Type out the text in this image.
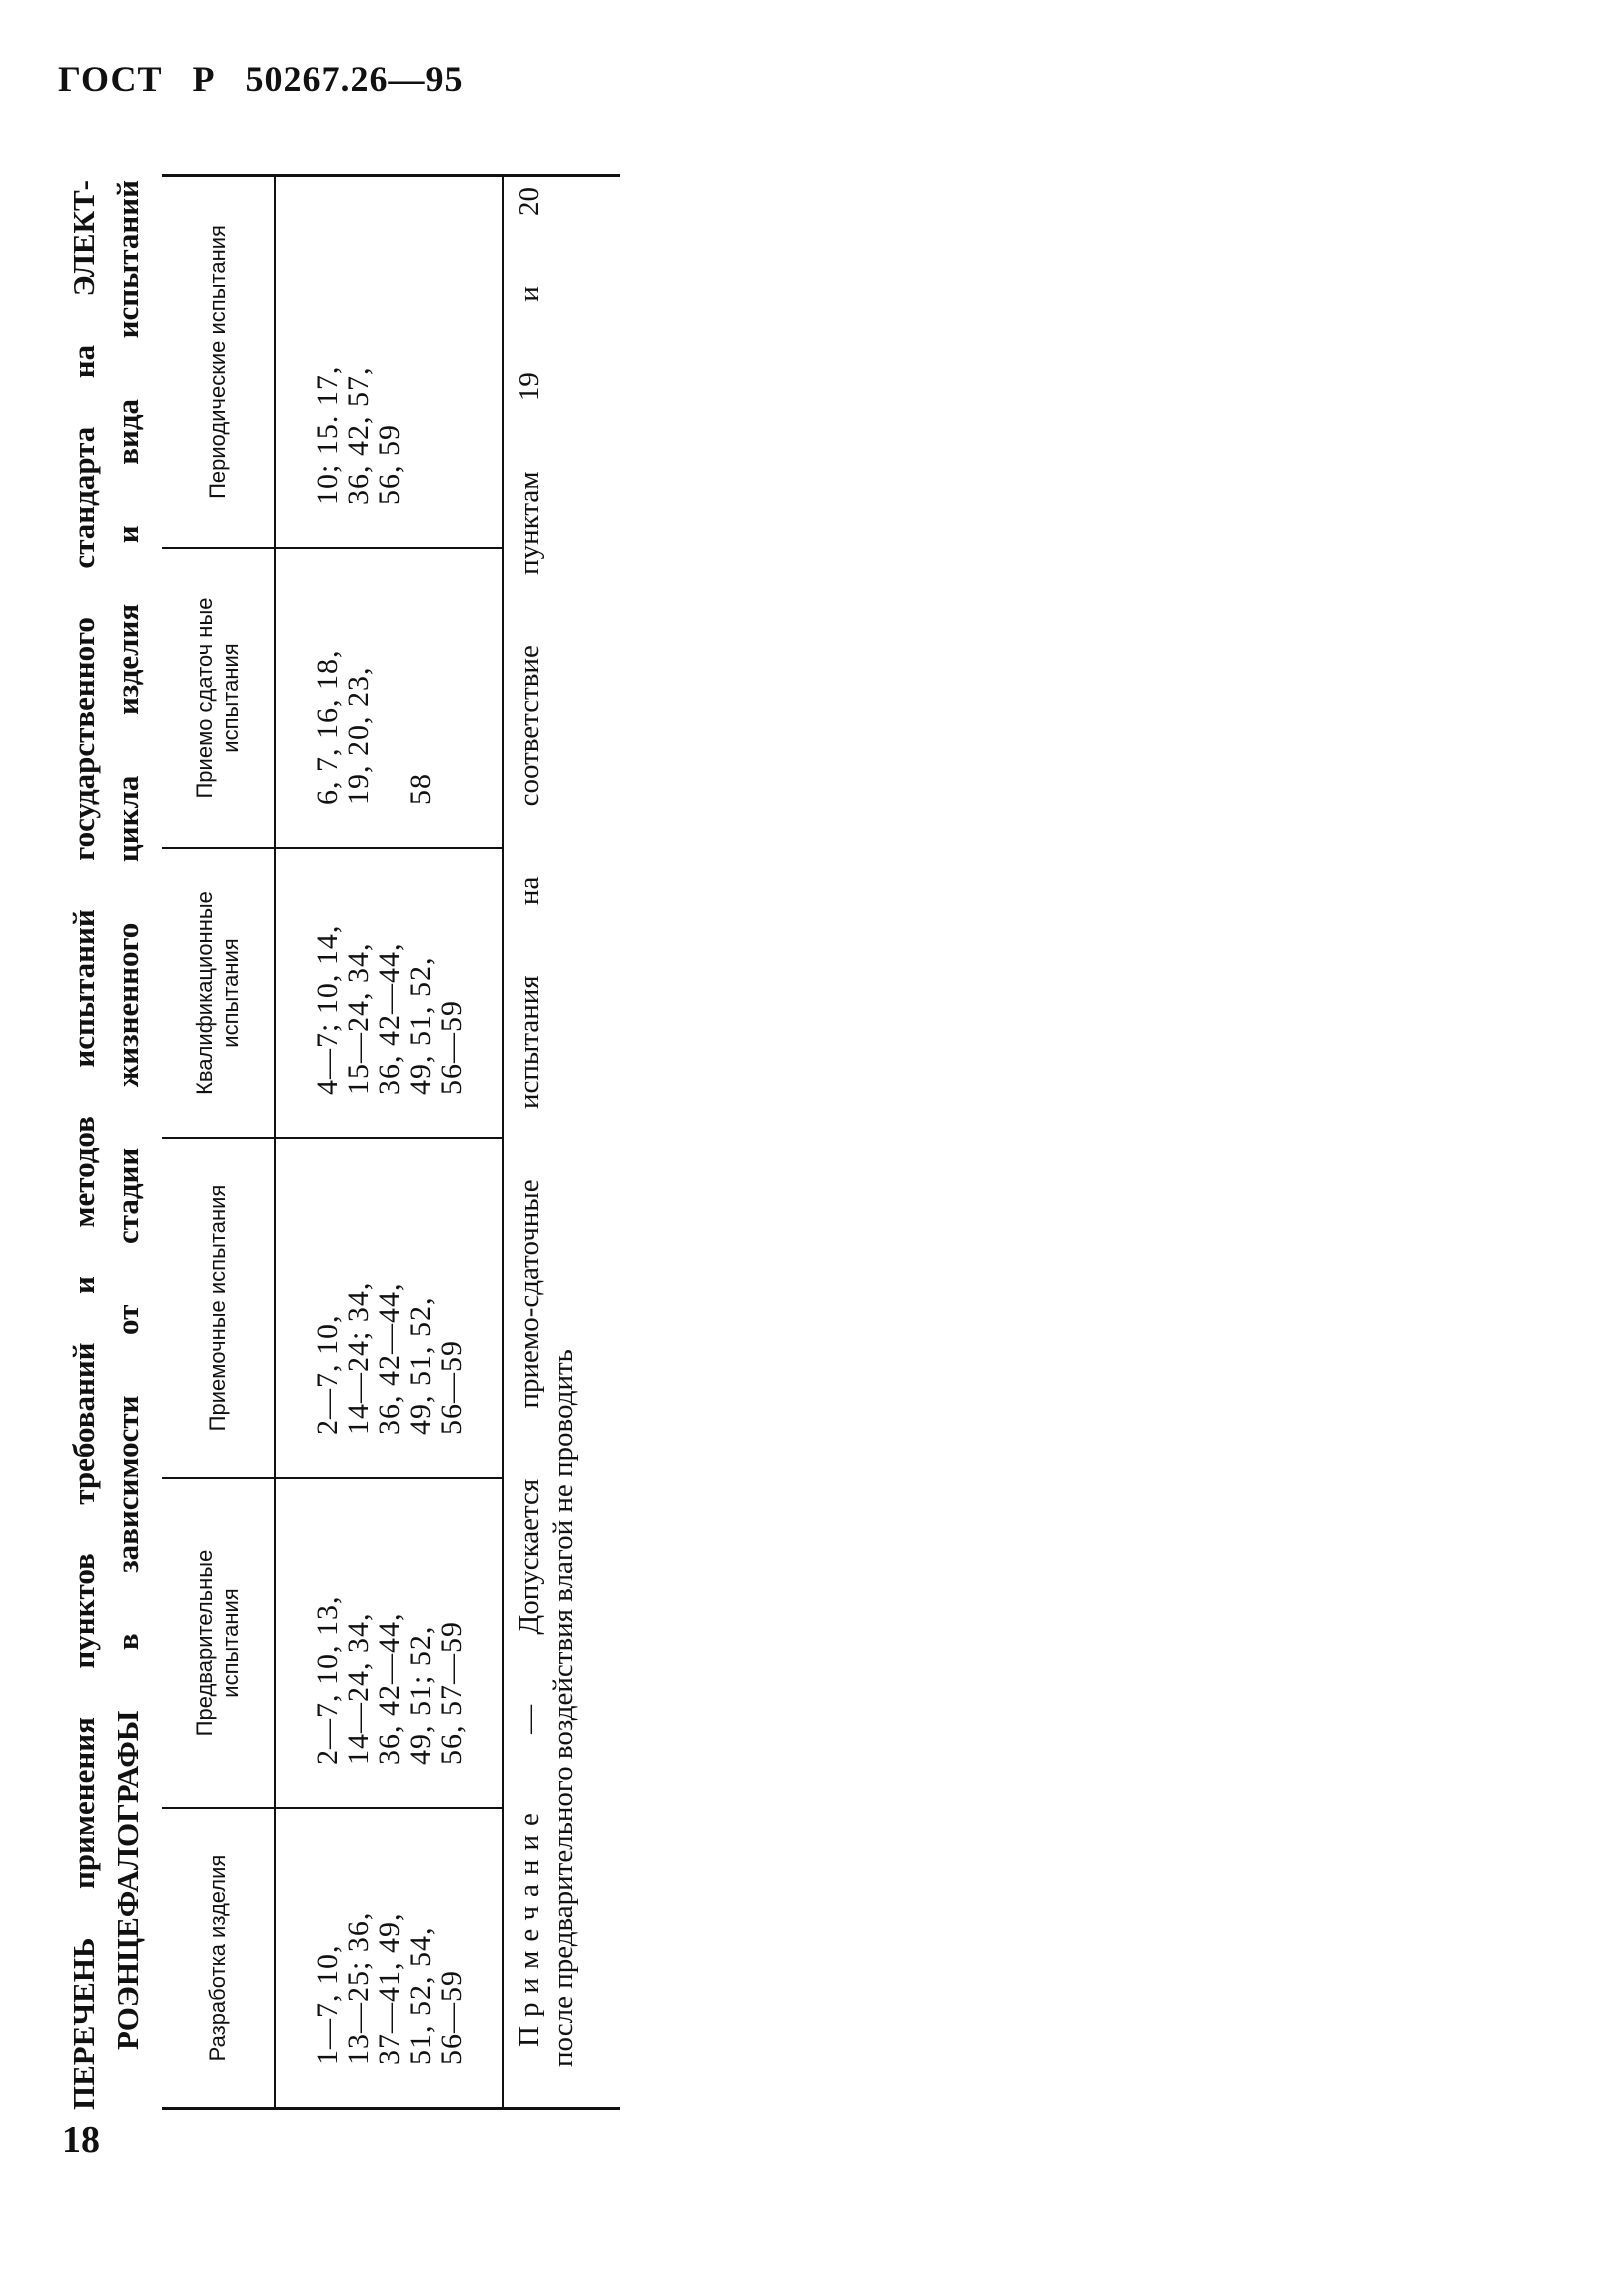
ГОСТ   Р   50267.26—95
ПЕРЕЧЕНЬ применения пунктов требований и методов испытаний государственного стандарта на ЭЛЕКТ- РОЭНЦЕФАЛОГРАФЫ в зависимости от стадии жизненного цикла изделия и вида испытаний	Разработка изделия
Предварительные испытания
Приемочные испытания
Квалификационные испытания
Приемо сдаточ ные испытания
Периодические испытания
1—7, 10,
13—25; 36,
37—41, 49,
51, 52, 54,
56—59
2—7, 10, 13,
14—24, 34,
36, 42—44,
49, 51; 52,
56, 57—59
2—7, 10,
14—24; 34,
36, 42—44,
49, 51, 52,
56—59
4—7; 10, 14,
15—24, 34,
36, 42—44,
49, 51, 52,
56—59
6, 7, 16, 18,
19, 20, 23,

58
10; 15. 17,
36, 42, 57,
56, 59
Примечание — Допускается приемо-сдаточные испытания на соответствие пунктам 19 и 20 после предварительного воздействия влагой не проводить
18
